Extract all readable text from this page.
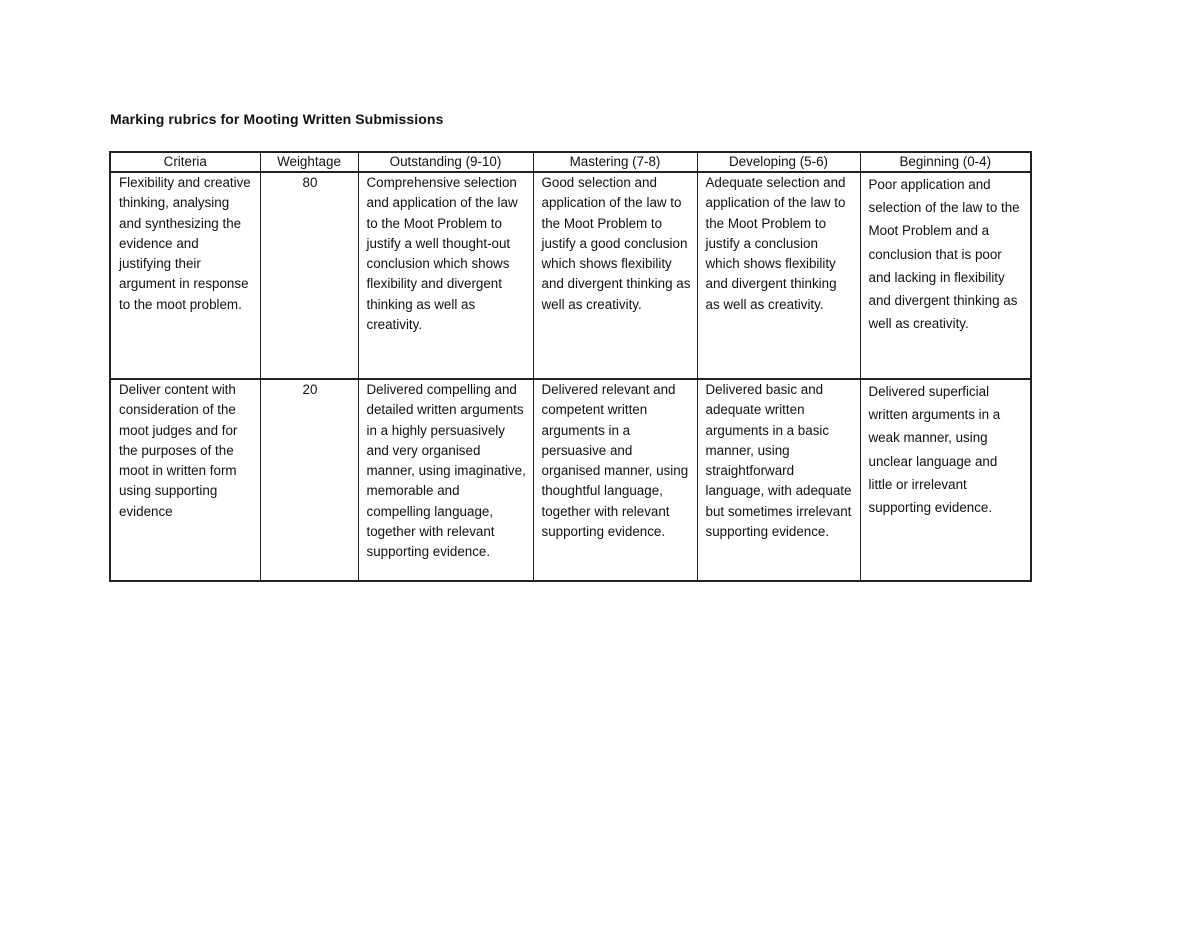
Marking rubrics for Mooting Written Submissions
Criteria	Weightage	Outstanding (9-10)	Mastering (7-8)	Developing (5-6)	Beginning (0-4)

Flexibility and creative thinking, analysing and synthesizing the evidence and justifying their argument in response to the moot problem.	80	Comprehensive selection and application of the law to the Moot Problem to justify a well thought-out conclusion which shows flexibility and divergent thinking as well as creativity.	Good selection and application of the law to the Moot Problem to justify a good conclusion which shows flexibility and divergent thinking as well as creativity.	Adequate selection and application of the law to the Moot Problem to justify a conclusion which shows flexibility and divergent thinking as well as creativity.	Poor application and selection of the law to the Moot Problem and a conclusion that is poor and lacking in flexibility and divergent thinking as well as creativity.

Deliver content with consideration of the moot judges and for the purposes of the moot in written form using supporting evidence	20	Delivered compelling and detailed written arguments in a highly persuasively and very organised manner, using imaginative, memorable and compelling language, together with relevant supporting evidence.	Delivered relevant and competent written arguments in a persuasive and organised manner, using thoughtful language, together with relevant supporting evidence.	Delivered basic and adequate written arguments in a basic manner, using straightforward language, with adequate but sometimes irrelevant supporting evidence.	Delivered superficial written arguments in a weak manner, using unclear language and little or irrelevant supporting evidence.
